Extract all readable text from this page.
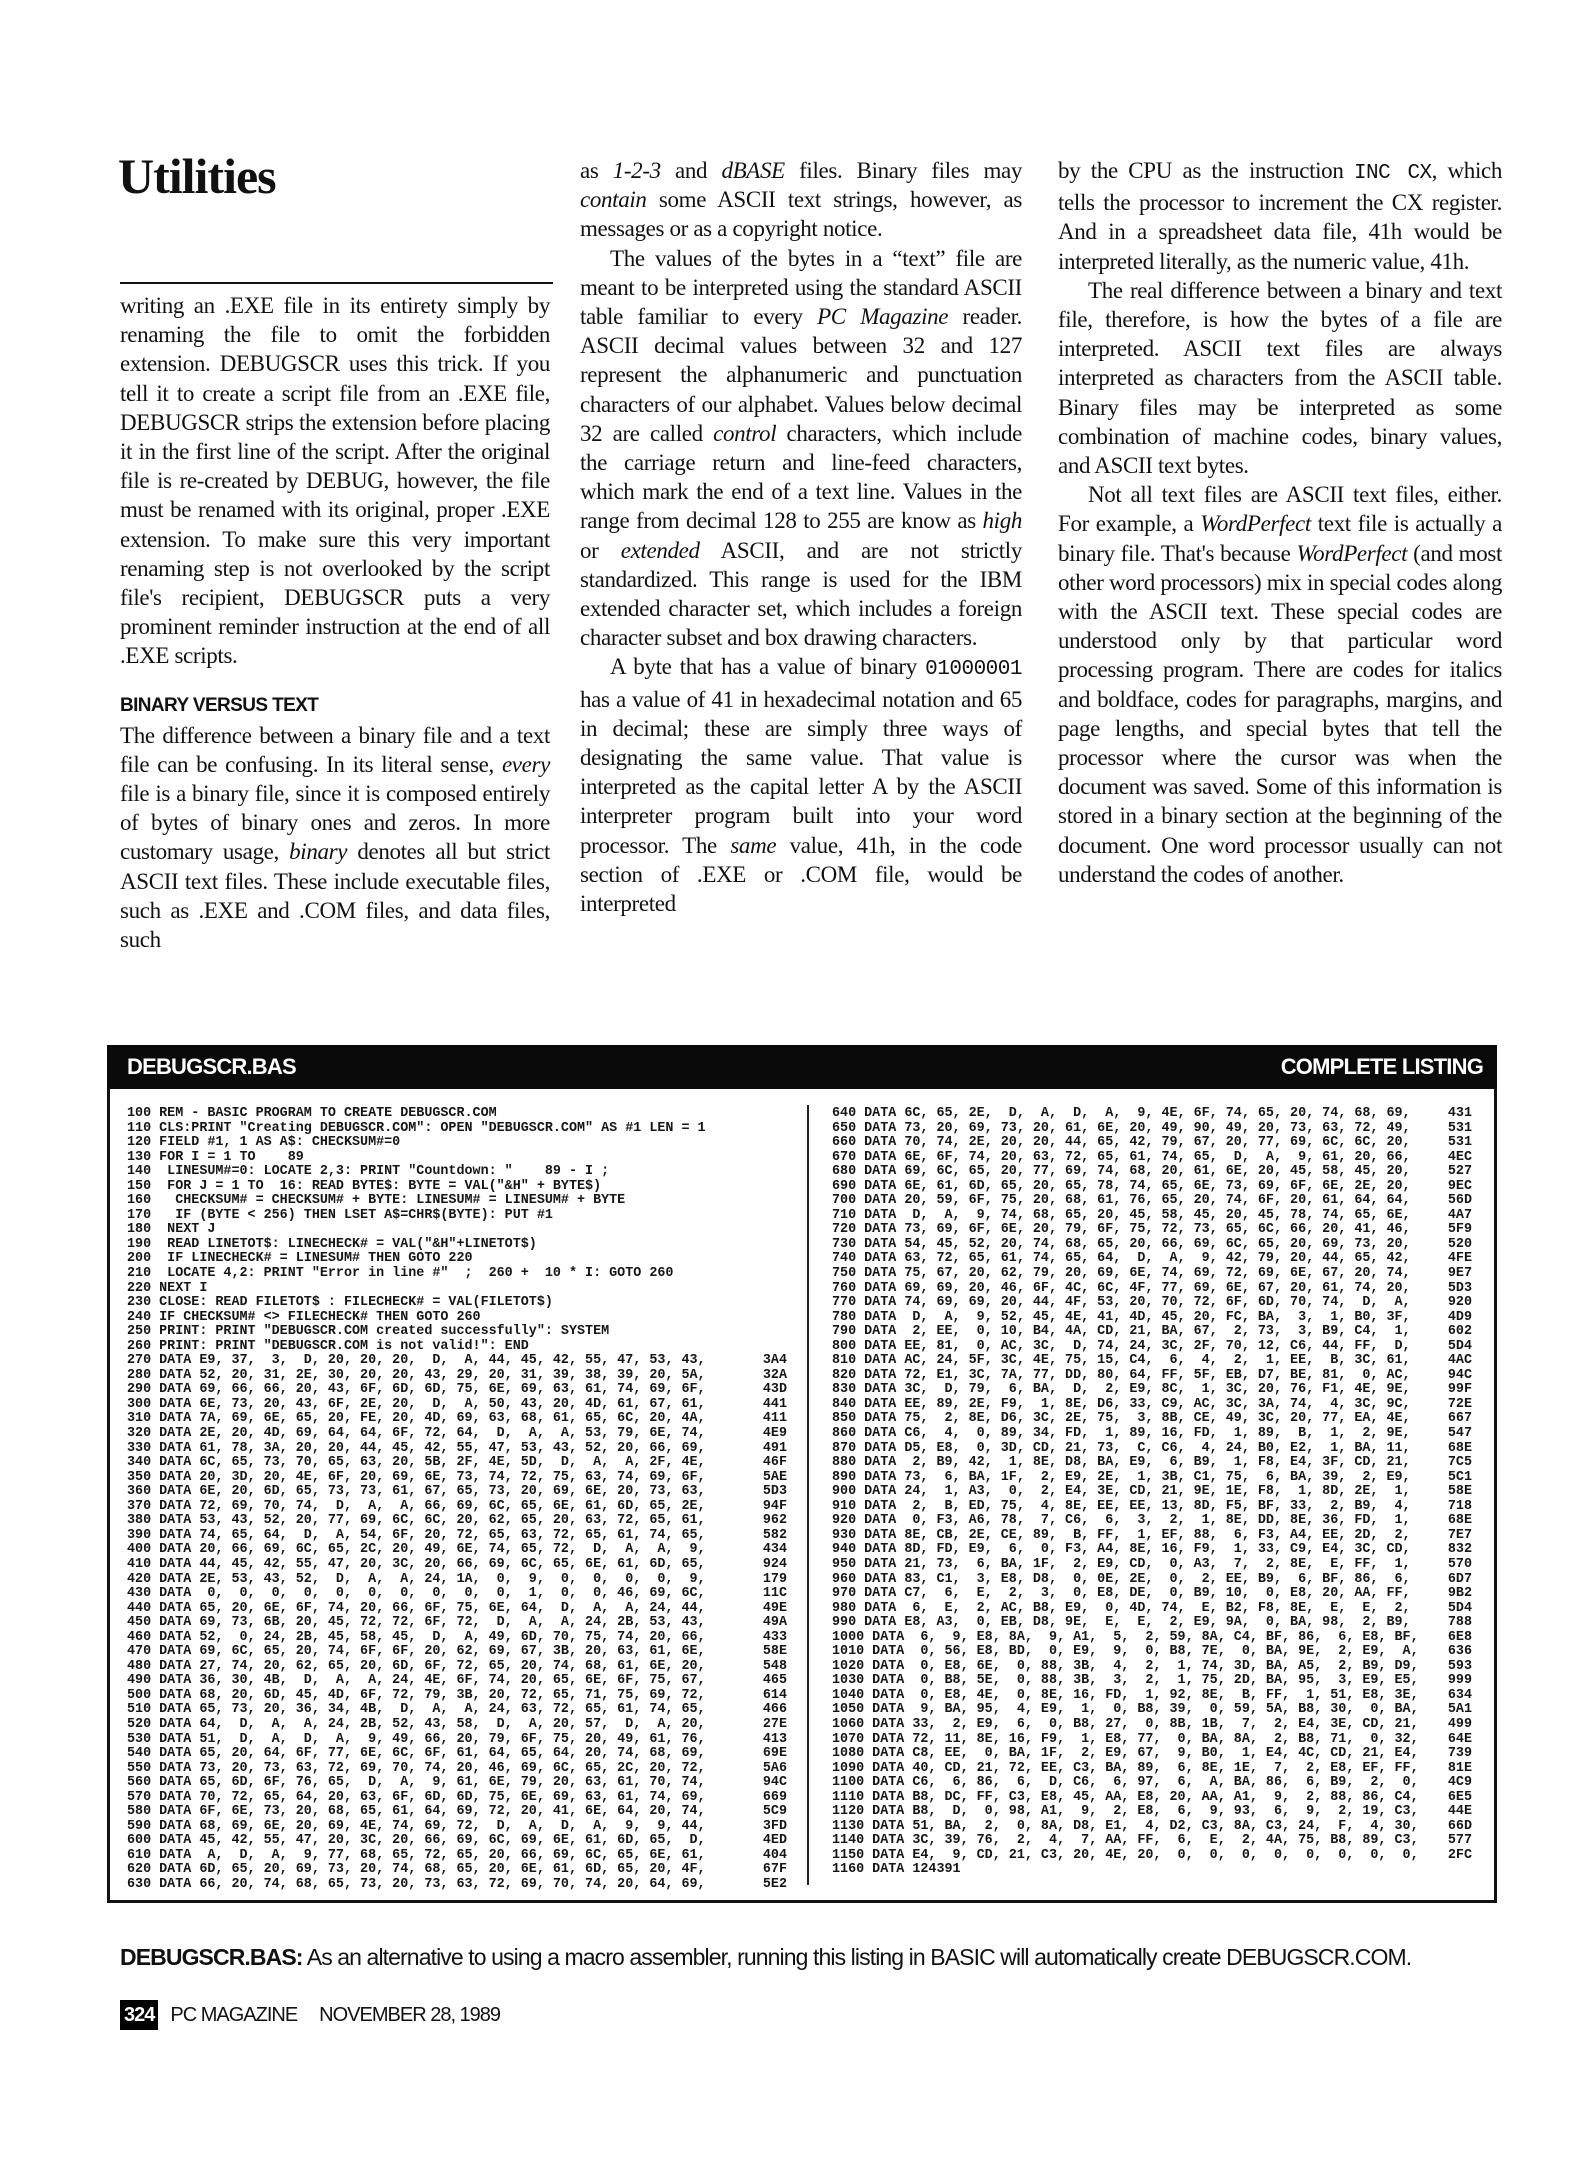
Utilities

writing an .EXE file in its entirety simply by renaming the file to omit the forbidden extension. DEBUGSCR uses this trick. If you tell it to create a script file from an .EXE file, DEBUGSCR strips the extension before placing it in the first line of the script. After the original file is re-created by DEBUG, however, the file must be renamed with its original, proper .EXE extension. To make sure this very important renaming step is not overlooked by the script file's recipient, DEBUGSCR puts a very prominent reminder instruction at the end of all .EXE scripts.

BINARY VERSUS TEXT

The difference between a binary file and a text file can be confusing. In its literal sense, every file is a binary file, since it is composed entirely of bytes of binary ones and zeros. In more customary usage, binary denotes all but strict ASCII text files. These include executable files, such as .EXE and .COM files, and data files, such

as 1-2-3 and dBASE files. Binary files may contain some ASCII text strings, however, as messages or as a copyright notice.

The values of the bytes in a “text” file are meant to be interpreted using the standard ASCII table familiar to every PC Magazine reader. ASCII decimal values between 32 and 127 represent the alphanumeric and punctuation characters of our alphabet. Values below decimal 32 are called control characters, which include the carriage return and line-feed characters, which mark the end of a text line. Values in the range from decimal 128 to 255 are know as high or extended ASCII, and are not strictly standardized. This range is used for the IBM extended character set, which includes a foreign character subset and box drawing characters.

A byte that has a value of binary 01000001 has a value of 41 in hexadecimal notation and 65 in decimal; these are simply three ways of designating the same value. That value is interpreted as the capital letter A by the ASCII interpreter program built into your word processor. The same value, 41h, in the code section of .EXE or .COM file, would be interpreted

by the CPU as the instruction INC CX, which tells the processor to increment the CX register. And in a spreadsheet data file, 41h would be interpreted literally, as the numeric value, 41h.

The real difference between a binary and text file, therefore, is how the bytes of a file are interpreted. ASCII text files are always interpreted as characters from the ASCII table. Binary files may be interpreted as some combination of machine codes, binary values, and ASCII text bytes.

Not all text files are ASCII text files, either. For example, a WordPerfect text file is actually a binary file. That's because WordPerfect (and most other word processors) mix in special codes along with the ASCII text. These special codes are understood only by that particular word processing program. There are codes for italics and boldface, codes for paragraphs, margins, and page lengths, and special bytes that tell the processor where the cursor was when the document was saved. Some of this information is stored in a binary section at the beginning of the document. One word processor usually can not understand the codes of another.

DEBUGSCR.BAS	COMPLETE LISTING
100 REM - BASIC PROGRAM TO CREATE DEBUGSCR.COM
110 CLS:PRINT "Creating DEBUGSCR.COM": OPEN "DEBUGSCR.COM" AS #1 LEN = 1
120 FIELD #1, 1 AS A$: CHECKSUM#=0
130 FOR I = 1 TO    89
140  LINESUM#=0: LOCATE 2,3: PRINT "Countdown: "    89 - I ;
150  FOR J = 1 TO  16: READ BYTE$: BYTE = VAL("&H" + BYTE$)
160   CHECKSUM# = CHECKSUM# + BYTE: LINESUM# = LINESUM# + BYTE
170   IF (BYTE < 256) THEN LSET A$=CHR$(BYTE): PUT #1
180  NEXT J
190  READ LINETOT$: LINECHECK# = VAL("&H"+LINETOT$)
200  IF LINECHECK# = LINESUM# THEN GOTO 220
210  LOCATE 4,2: PRINT "Error in line #"  ;  260 +  10 * I: GOTO 260
220 NEXT I
230 CLOSE: READ FILETOT$ : FILECHECK# = VAL(FILETOT$)
240 IF CHECKSUM# <> FILECHECK# THEN GOTO 260
250 PRINT: PRINT "DEBUGSCR.COM created successfully": SYSTEM
260 PRINT: PRINT "DEBUGSCR.COM is not valid!": END
270 DATA E9, 37,  3,  D, 20, 20, 20,  D,  A, 44, 45, 42, 55, 47, 53, 43,	3A4
280 DATA 52, 20, 31, 2E, 30, 20, 20, 43, 29, 20, 31, 39, 38, 39, 20, 5A,	32A
290 DATA 69, 66, 66, 20, 43, 6F, 6D, 6D, 75, 6E, 69, 63, 61, 74, 69, 6F,	43D
300 DATA 6E, 73, 20, 43, 6F, 2E, 20,  D,  A, 50, 43, 20, 4D, 61, 67, 61,	441
310 DATA 7A, 69, 6E, 65, 20, FE, 20, 4D, 69, 63, 68, 61, 65, 6C, 20, 4A,	411
320 DATA 2E, 20, 4D, 69, 64, 64, 6F, 72, 64,  D,  A,  A, 53, 79, 6E, 74,	4E9
330 DATA 61, 78, 3A, 20, 20, 44, 45, 42, 55, 47, 53, 43, 52, 20, 66, 69,	491
340 DATA 6C, 65, 73, 70, 65, 63, 20, 5B, 2F, 4E, 5D,  D,  A,  A, 2F, 4E,	46F
350 DATA 20, 3D, 20, 4E, 6F, 20, 69, 6E, 73, 74, 72, 75, 63, 74, 69, 6F,	5AE
360 DATA 6E, 20, 6D, 65, 73, 73, 61, 67, 65, 73, 20, 69, 6E, 20, 73, 63,	5D3
370 DATA 72, 69, 70, 74,  D,  A,  A, 66, 69, 6C, 65, 6E, 61, 6D, 65, 2E,	94F
380 DATA 53, 43, 52, 20, 77, 69, 6C, 6C, 20, 62, 65, 20, 63, 72, 65, 61,	962
390 DATA 74, 65, 64,  D,  A, 54, 6F, 20, 72, 65, 63, 72, 65, 61, 74, 65,	582
400 DATA 20, 66, 69, 6C, 65, 2C, 20, 49, 6E, 74, 65, 72,  D,  A,  A,  9,	434
410 DATA 44, 45, 42, 55, 47, 20, 3C, 20, 66, 69, 6C, 65, 6E, 61, 6D, 65,	924
420 DATA 2E, 53, 43, 52,  D,  A,  A, 24, 1A,  0,  9,  0,  0,  0,  0,  9,	179
430 DATA  0,  0,  0,  0,  0,  0,  0,  0,  0,  0,  1,  0,  0, 46, 69, 6C,	11C
440 DATA 65, 20, 6E, 6F, 74, 20, 66, 6F, 75, 6E, 64,  D,  A,  A, 24, 44,	49E
450 DATA 69, 73, 6B, 20, 45, 72, 72, 6F, 72,  D,  A,  A, 24, 2B, 53, 43,	49A
460 DATA 52,  0, 24, 2B, 45, 58, 45,  D,  A, 49, 6D, 70, 75, 74, 20, 66,	433
470 DATA 69, 6C, 65, 20, 74, 6F, 6F, 20, 62, 69, 67, 3B, 20, 63, 61, 6E,	58E
480 DATA 27, 74, 20, 62, 65, 20, 6D, 6F, 72, 65, 20, 74, 68, 61, 6E, 20,	548
490 DATA 36, 30, 4B,  D,  A,  A, 24, 4E, 6F, 74, 20, 65, 6E, 6F, 75, 67,	465
500 DATA 68, 20, 6D, 45, 4D, 6F, 72, 79, 3B, 20, 72, 65, 71, 75, 69, 72,	614
510 DATA 65, 73, 20, 36, 34, 4B,  D,  A,  A, 24, 63, 72, 65, 61, 74, 65,	466
520 DATA 64,  D,  A,  A, 24, 2B, 52, 43, 58,  D,  A, 20, 57,  D,  A, 20,	27E
530 DATA 51,  D,  A,  D,  A,  9, 49, 66, 20, 79, 6F, 75, 20, 49, 61, 76,	413
540 DATA 65, 20, 64, 6F, 77, 6E, 6C, 6F, 61, 64, 65, 64, 20, 74, 68, 69,	69E
550 DATA 73, 20, 73, 63, 72, 69, 70, 74, 20, 46, 69, 6C, 65, 2C, 20, 72,	5A6
560 DATA 65, 6D, 6F, 76, 65,  D,  A,  9, 61, 6E, 79, 20, 63, 61, 70, 74,	94C
570 DATA 70, 72, 65, 64, 20, 63, 6F, 6D, 6D, 75, 6E, 69, 63, 61, 74, 69,	669
580 DATA 6F, 6E, 73, 20, 68, 65, 61, 64, 69, 72, 20, 41, 6E, 64, 20, 74,	5C9
590 DATA 68, 69, 6E, 20, 69, 4E, 74, 69, 72,  D,  A,  D,  A,  9,  9, 44,	3FD
600 DATA 45, 42, 55, 47, 20, 3C, 20, 66, 69, 6C, 69, 6E, 61, 6D, 65,  D,	4ED
610 DATA  A,  D,  A,  9, 77, 68, 65, 72, 65, 20, 66, 69, 6C, 65, 6E, 61,	404
620 DATA 6D, 65, 20, 69, 73, 20, 74, 68, 65, 20, 6E, 61, 6D, 65, 20, 4F,	67F
630 DATA 66, 20, 74, 68, 65, 73, 20, 73, 63, 72, 69, 70, 74, 20, 64, 69,	5E2
640 DATA 6C, 65, 2E,  D,  A,  D,  A,  9, 4E, 6F, 74, 65, 20, 74, 68, 69,	431
650 DATA 73, 20, 69, 73, 20, 61, 6E, 20, 49, 90, 49, 20, 73, 63, 72, 49,	531
660 DATA 70, 74, 2E, 20, 20, 44, 65, 42, 79, 67, 20, 77, 69, 6C, 6C, 20,	531
670 DATA 6E, 6F, 74, 20, 63, 72, 65, 61, 74, 65,  D,  A,  9, 61, 20, 66,	4EC
680 DATA 69, 6C, 65, 20, 77, 69, 74, 68, 20, 61, 6E, 20, 45, 58, 45, 20,	527
690 DATA 6E, 61, 6D, 65, 20, 65, 78, 74, 65, 6E, 73, 69, 6F, 6E, 2E, 20,	9EC
700 DATA 20, 59, 6F, 75, 20, 68, 61, 76, 65, 20, 74, 6F, 20, 61, 64, 64,	56D
710 DATA  D,  A,  9, 74, 68, 65, 20, 45, 58, 45, 20, 45, 78, 74, 65, 6E,	4A7
720 DATA 73, 69, 6F, 6E, 20, 79, 6F, 75, 72, 73, 65, 6C, 66, 20, 41, 46,	5F9
730 DATA 54, 45, 52, 20, 74, 68, 65, 20, 66, 69, 6C, 65, 20, 69, 73, 20,	520
740 DATA 63, 72, 65, 61, 74, 65, 64,  D,  A,  9, 42, 79, 20, 44, 65, 42,	4FE
750 DATA 75, 67, 20, 62, 79, 20, 69, 6E, 74, 69, 72, 69, 6E, 67, 20, 74,	9E7
760 DATA 69, 69, 20, 46, 6F, 4C, 6C, 4F, 77, 69, 6E, 67, 20, 61, 74, 20,	5D3
770 DATA 74, 69, 69, 20, 44, 4F, 53, 20, 70, 72, 6F, 6D, 70, 74,  D,  A,	920
780 DATA  D,  A,  9, 52, 45, 4E, 41, 4D, 45, 20, FC, BA,  3,  1, B0, 3F,	4D9
790 DATA  2, EE,  0, 10, B4, 4A, CD, 21, BA, 67,  2, 73,  3, B9, C4,  1,	602
800 DATA EE, 81,  0, AC, 3C,  D, 74, 24, 3C, 2F, 70, 12, C6, 44, FF,  D,	5D4
810 DATA AC, 24, 5F, 3C, 4E, 75, 15, C4,  6,  4,  2,  1, EE,  B, 3C, 61,	4AC
820 DATA 72, E1, 3C, 7A, 77, DD, 80, 64, FF, 5F, EB, D7, BE, 81,  0, AC,	94C
830 DATA 3C,  D, 79,  6, BA,  D,  2, E9, 8C,  1, 3C, 20, 76, F1, 4E, 9E,	99F
840 DATA EE, 89, 2E, F9,  1, 8E, D6, 33, C9, AC, 3C, 3A, 74,  4, 3C, 9C,	72E
850 DATA 75,  2, 8E, D6, 3C, 2E, 75,  3, 8B, CE, 49, 3C, 20, 77, EA, 4E,	667
860 DATA C6,  4,  0, 89, 34, FD,  1, 89, 16, FD,  1, 89,  B,  1,  2, 9E,	547
870 DATA D5, E8,  0, 3D, CD, 21, 73,  C, C6,  4, 24, B0, E2,  1, BA, 11,	68E
880 DATA  2, B9, 42,  1, 8E, D8, BA, E9,  6, B9,  1, F8, E4, 3F, CD, 21,	7C5
890 DATA 73,  6, BA, 1F,  2, E9, 2E,  1, 3B, C1, 75,  6, BA, 39,  2, E9,	5C1
900 DATA 24,  1, A3,  0,  2, E4, 3E, CD, 21, 9E, 1E, F8,  1, 8D, 2E,  1,	58E
910 DATA  2,  B, ED, 75,  4, 8E, EE, EE, 13, 8D, F5, BF, 33,  2, B9,  4,	718
920 DATA  0, F3, A6, 78,  7, C6,  6,  3,  2,  1, 8E, DD, 8E, 36, FD,  1,	68E
930 DATA 8E, CB, 2E, CE, 89,  B, FF,  1, EF, 88,  6, F3, A4, EE, 2D,  2,	7E7
940 DATA 8D, FD, E9,  6,  0, F3, A4, 8E, 16, F9,  1, 33, C9, E4, 3C, CD,	832
950 DATA 21, 73,  6, BA, 1F,  2, E9, CD,  0, A3,  7,  2, 8E,  E, FF,  1,	570
960 DATA 83, C1,  3, E8, D8,  0, 0E, 2E,  0,  2, EE, B9,  6, BF, 86,  6,	6D7
970 DATA C7,  6,  E,  2,  3,  0, E8, DE,  0, B9, 10,  0, E8, 20, AA, FF,	9B2
980 DATA  6,  E,  2, AC, B8, E9,  0, 4D, 74,  E, B2, F8, 8E,  E,  E,  2,	5D4
990 DATA E8, A3,  0, EB, D8, 9E,  E,  E,  2, E9, 9A,  0, BA, 98,  2, B9,	788
1000 DATA  6,  9, E8, 8A,  9, A1,  5,  2, 59, 8A, C4, BF, 86,  6, E8, BF, 6E8
1010 DATA  0, 56, E8, BD,  0, E9,  9,  0, B8, 7E,  0, BA, 9E,  2, E9,  A, 636
1020 DATA  0, E8, 6E,  0, 88, 3B,  4,  2,  1, 74, 3D, BA, A5,  2, B9, D9, 593
1030 DATA  0, B8, 5E,  0, 88, 3B,  3,  2,  1, 75, 2D, BA, 95,  3, E9, E5, 999
1040 DATA  0, E8, 4E,  0, 8E, 16, FD,  1, 92, 8E,  B, FF,  1, 51, E8, 3E, 634
1050 DATA  9, BA, 95,  4, E9,  1,  0, B8, 39,  0, 59, 5A, B8, 30,  0, BA, 5A1
1060 DATA 33,  2, E9,  6,  0, B8, 27,  0, 8B, 1B,  7,  2, E4, 3E, CD, 21, 499
1070 DATA 72, 11, 8E, 16, F9,  1, E8, 77,  0, BA, 8A,  2, B8, 71,  0, 32, 64E
1080 DATA C8, EE,  0, BA, 1F,  2, E9, 67,  9, B0,  1, E4, 4C, CD, 21, E4, 739
1090 DATA 40, CD, 21, 72, EE, C3, BA, 89,  6, 8E, 1E,  7,  2, E8, EF, FF, 81E
1100 DATA C6,  6, 86,  6,  D, C6,  6, 97,  6,  A, BA, 86,  6, B9,  2,  0, 4C9
1110 DATA B8, DC, FF, C3, E8, 45, AA, E8, 20, AA, A1,  9,  2, 88, 86, C4, 6E5
1120 DATA B8,  D,  0, 98, A1,  9,  2, E8,  6,  9, 93,  6,  9,  2, 19, C3, 44E
1130 DATA 51, BA,  2,  0, 8A, D8, E1,  4, D2, C3, 8A, C3, 24,  F,  4, 30, 66D
1140 DATA 3C, 39, 76,  2,  4,  7, AA, FF,  6,  E,  2, 4A, 75, B8, 89, C3, 577
1150 DATA E4,  9, CD, 21, C3, 20, 4E, 20,  0,  0,  0,  0,  0,  0,  0,  0, 2FC
1160 DATA 124391
DEBUGSCR.BAS: As an alternative to using a macro assembler, running this listing in BASIC will automatically create DEBUGSCR.COM.
324 PC MAGAZINE NOVEMBER 28, 1989
